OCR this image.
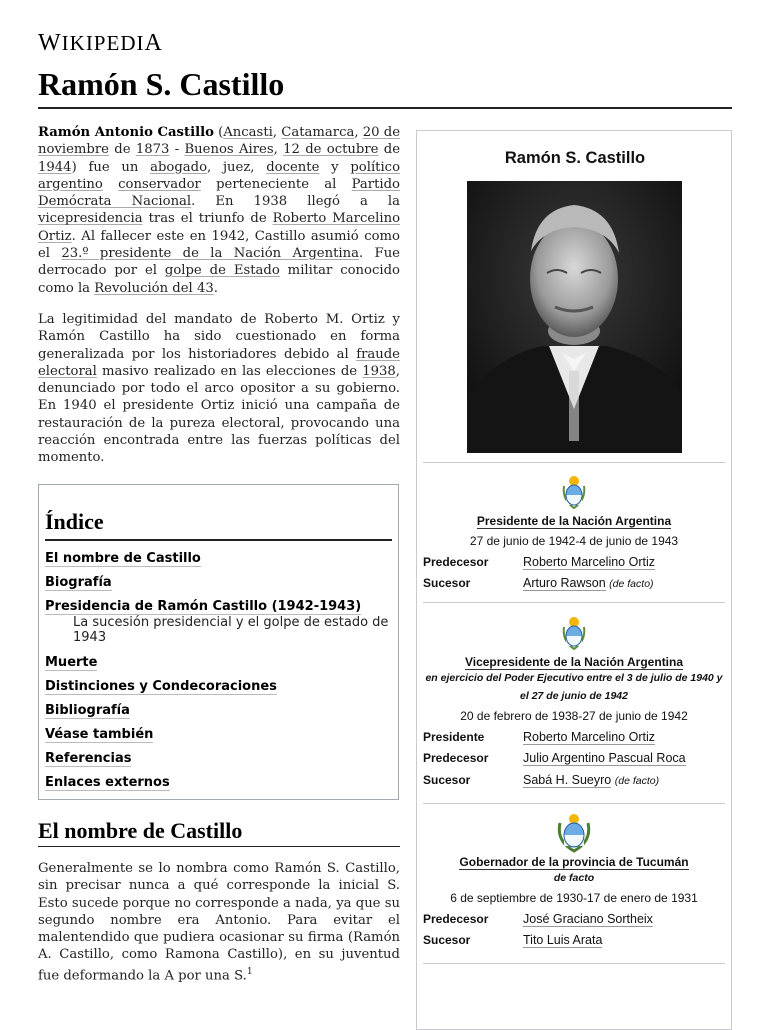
WIKIPEDIA
Ramón S. Castillo

Ramón Antonio Castillo (Ancasti, Catamarca, 20 de noviembre de 1873 - Buenos Aires, 12 de octubre de 1944) fue un abogado, juez, docente y político argentino conservador perteneciente al Partido Demócrata Nacional. En 1938 llegó a la vicepresidencia tras el triunfo de Roberto Marcelino Ortiz. Al fallecer este en 1942, Castillo asumió como el 23.º presidente de la Nación Argentina. Fue derrocado por el golpe de Estado militar conocido como la Revolución del 43.

La legitimidad del mandato de Roberto M. Ortiz y Ramón Castillo ha sido cuestionado en forma generalizada por los historiadores debido al fraude electoral masivo realizado en las elecciones de 1938, denunciado por todo el arco opositor a su gobierno. En 1940 el presidente Ortiz inició una campaña de restauración de la pureza electoral, provocando una reacción encontrada entre las fuerzas políticas del momento.

Índice
El nombre de Castillo
Biografía
Presidencia de Ramón Castillo (1942-1943)
La sucesión presidencial y el golpe de estado de 1943
Muerte
Distinciones y Condecoraciones
Bibliografía
Véase también
Referencias
Enlaces externos
El nombre de Castillo

Generalmente se lo nombra como Ramón S. Castillo, sin precisar nunca a qué corresponde la inicial S. Esto sucede porque no corresponde a nada, ya que su segundo nombre era Antonio. Para evitar el malentendido que pudiera ocasionar su firma (Ramón A. Castillo, como Ramona Castillo), en su juventud fue deformando la A por una S.$^1$

Ramón S. Castillo
Presidente de la Nación Argentina
27 de junio de 1942-4 de junio de 1943
Predecesor	Roberto Marcelino Ortiz
Sucesor	Arturo Rawson (de facto)
Vicepresidente de la Nación Argentina
en ejercicio del Poder Ejecutivo entre el 3 de julio de 1940 y el 27 de junio de 1942
20 de febrero de 1938-27 de junio de 1942
Presidente	Roberto Marcelino Ortiz
Predecesor	Julio Argentino Pascual Roca
Sucesor	Sabá H. Sueyro (de facto)
Gobernador de la provincia de Tucumán
de facto
6 de septiembre de 1930-17 de enero de 1931
Predecesor	José Graciano Sortheix
Sucesor	Tito Luis Arata
